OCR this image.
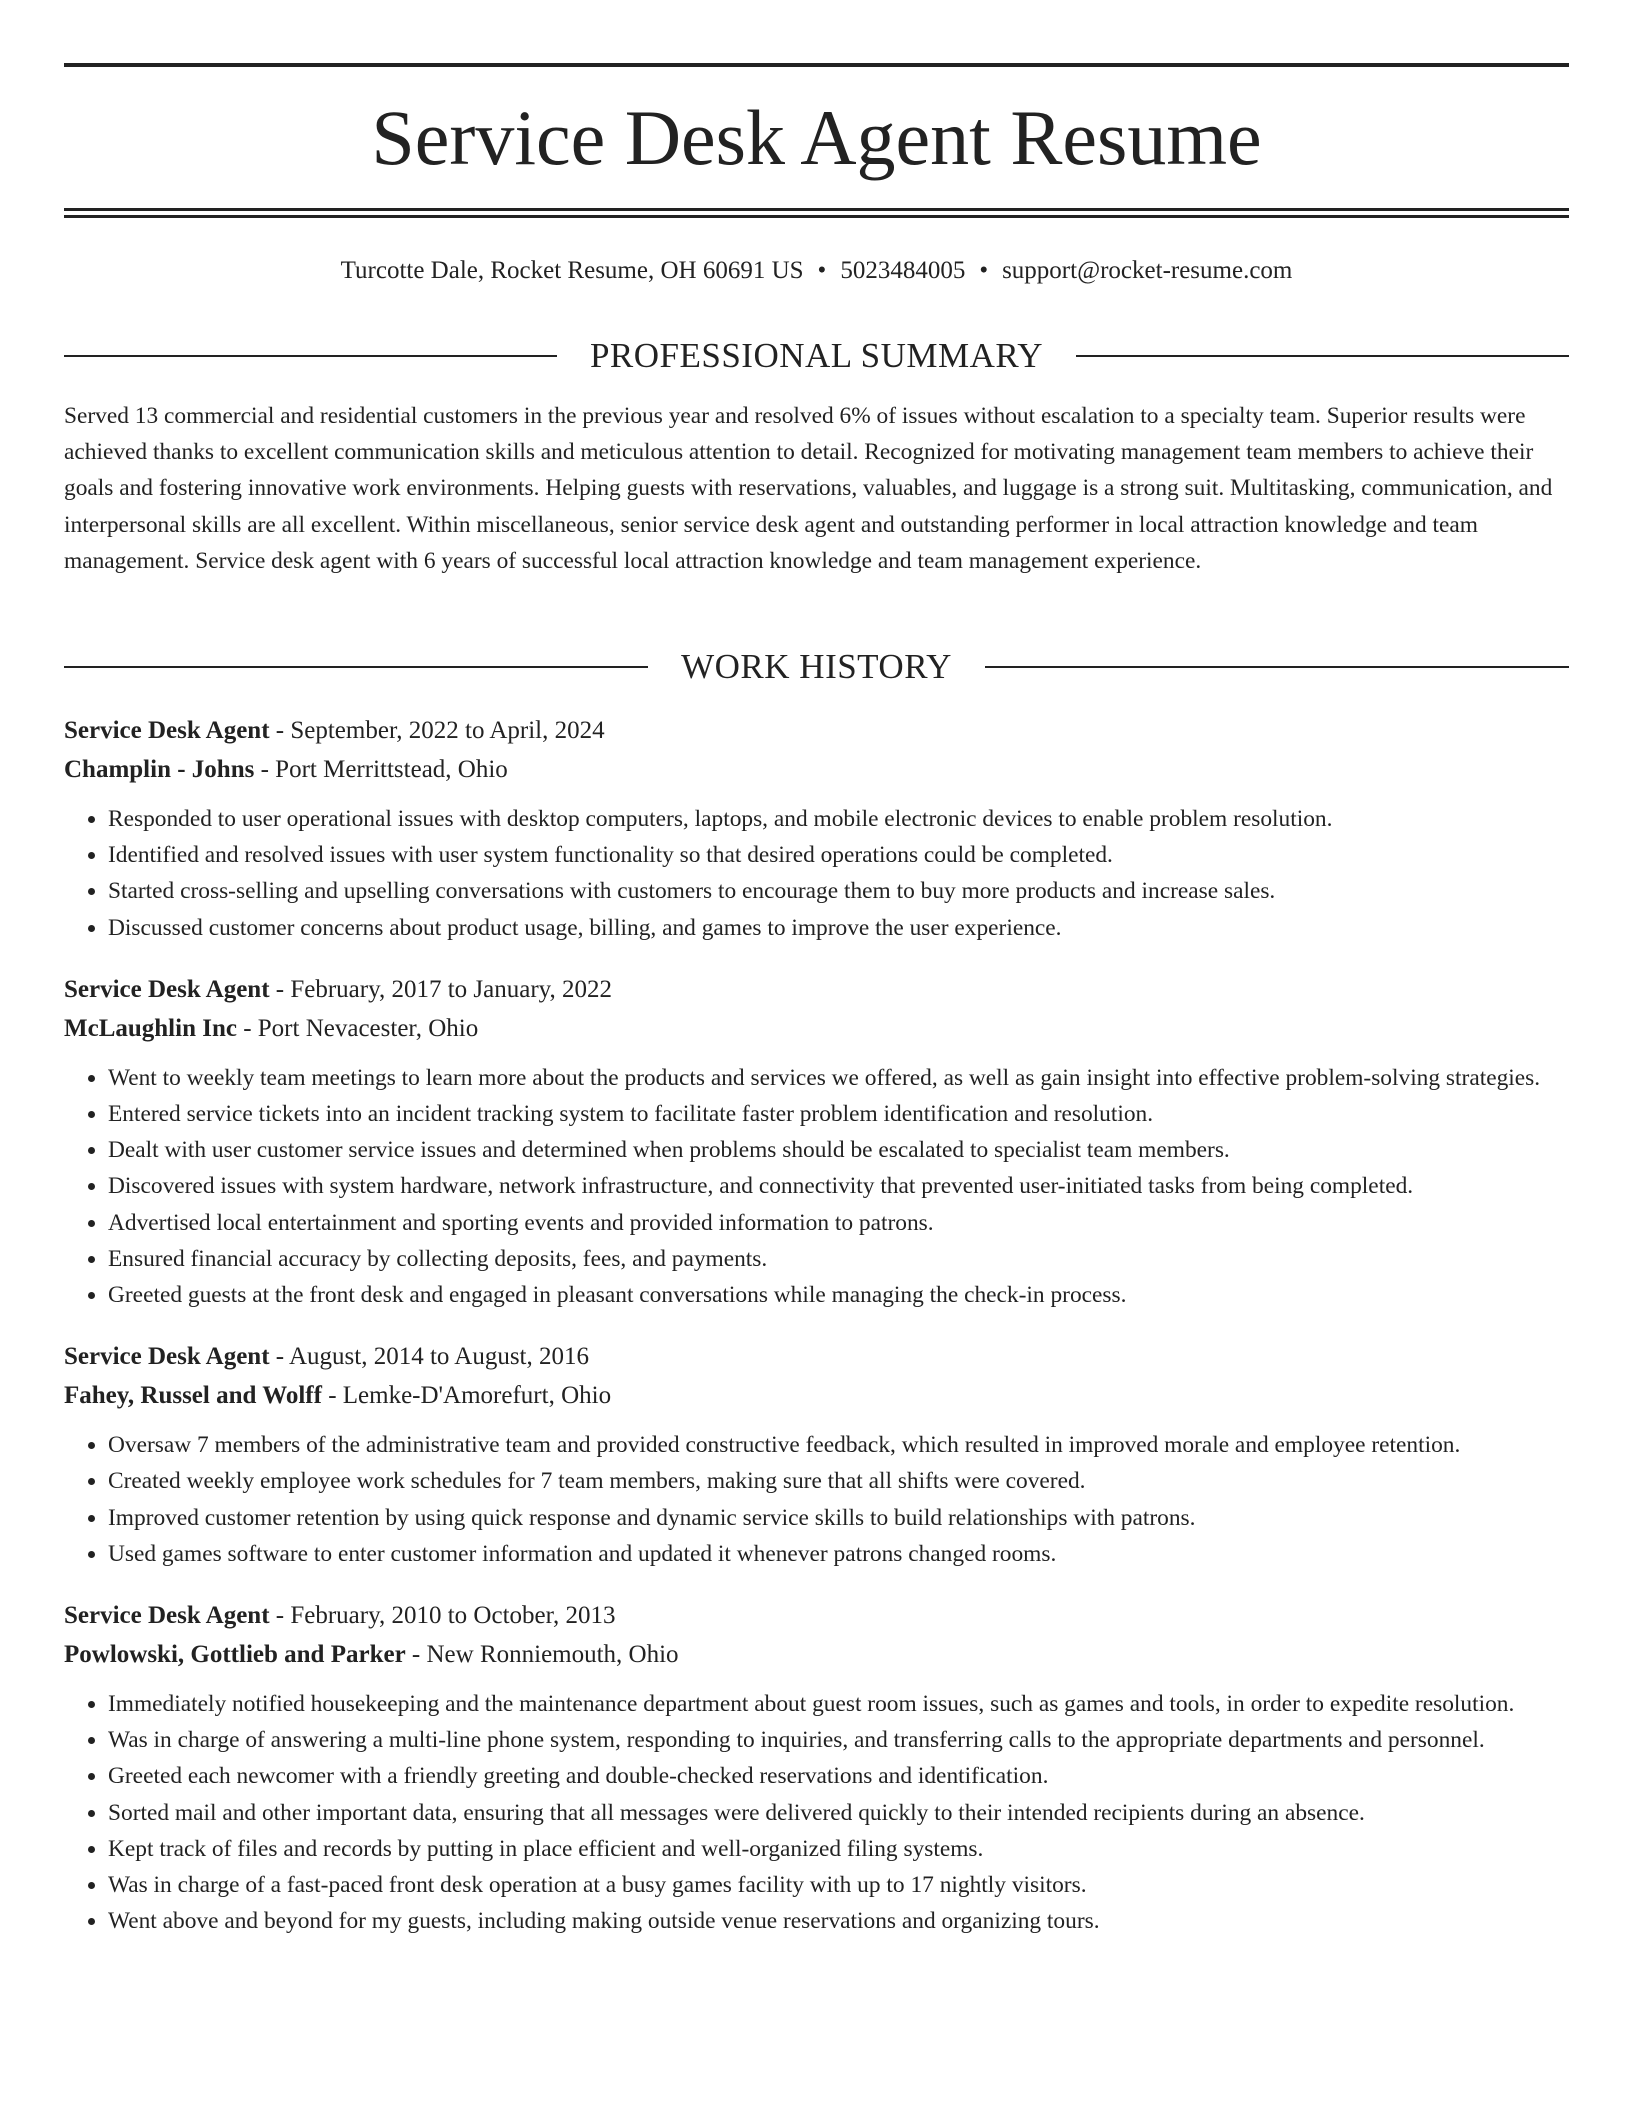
Service Desk Agent Resume
Turcotte Dale, Rocket Resume, OH 60691 US • 5023484005 • support@rocket-resume.com
PROFESSIONAL SUMMARY

Served 13 commercial and residential customers in the previous year and resolved 6% of issues without escalation to a specialty team. Superior results were achieved thanks to excellent communication skills and meticulous attention to detail. Recognized for motivating management team members to achieve their goals and fostering innovative work environments. Helping guests with reservations, valuables, and luggage is a strong suit. Multitasking, communication, and interpersonal skills are all excellent. Within miscellaneous, senior service desk agent and outstanding performer in local attraction knowledge and team management. Service desk agent with 6 years of successful local attraction knowledge and team management experience.

WORK HISTORY

Service Desk Agent - September, 2022 to April, 2024

Champlin - Johns - Port Merrittstead, Ohio

• Responded to user operational issues with desktop computers, laptops, and mobile electronic devices to enable problem resolution.
• Identified and resolved issues with user system functionality so that desired operations could be completed.
• Started cross-selling and upselling conversations with customers to encourage them to buy more products and increase sales.
• Discussed customer concerns about product usage, billing, and games to improve the user experience.

Service Desk Agent - February, 2017 to January, 2022

McLaughlin Inc - Port Nevacester, Ohio

• Went to weekly team meetings to learn more about the products and services we offered, as well as gain insight into effective problem-solving strategies.
• Entered service tickets into an incident tracking system to facilitate faster problem identification and resolution.
• Dealt with user customer service issues and determined when problems should be escalated to specialist team members.
• Discovered issues with system hardware, network infrastructure, and connectivity that prevented user-initiated tasks from being completed.
• Advertised local entertainment and sporting events and provided information to patrons.
• Ensured financial accuracy by collecting deposits, fees, and payments.
• Greeted guests at the front desk and engaged in pleasant conversations while managing the check-in process.

Service Desk Agent - August, 2014 to August, 2016

Fahey, Russel and Wolff - Lemke-D'Amorefurt, Ohio

• Oversaw 7 members of the administrative team and provided constructive feedback, which resulted in improved morale and employee retention.
• Created weekly employee work schedules for 7 team members, making sure that all shifts were covered.
• Improved customer retention by using quick response and dynamic service skills to build relationships with patrons.
• Used games software to enter customer information and updated it whenever patrons changed rooms.

Service Desk Agent - February, 2010 to October, 2013

Powlowski, Gottlieb and Parker - New Ronniemouth, Ohio

• Immediately notified housekeeping and the maintenance department about guest room issues, such as games and tools, in order to expedite resolution.
• Was in charge of answering a multi-line phone system, responding to inquiries, and transferring calls to the appropriate departments and personnel.
• Greeted each newcomer with a friendly greeting and double-checked reservations and identification.
• Sorted mail and other important data, ensuring that all messages were delivered quickly to their intended recipients during an absence.
• Kept track of files and records by putting in place efficient and well-organized filing systems.
• Was in charge of a fast-paced front desk operation at a busy games facility with up to 17 nightly visitors.
• Went above and beyond for my guests, including making outside venue reservations and organizing tours.
